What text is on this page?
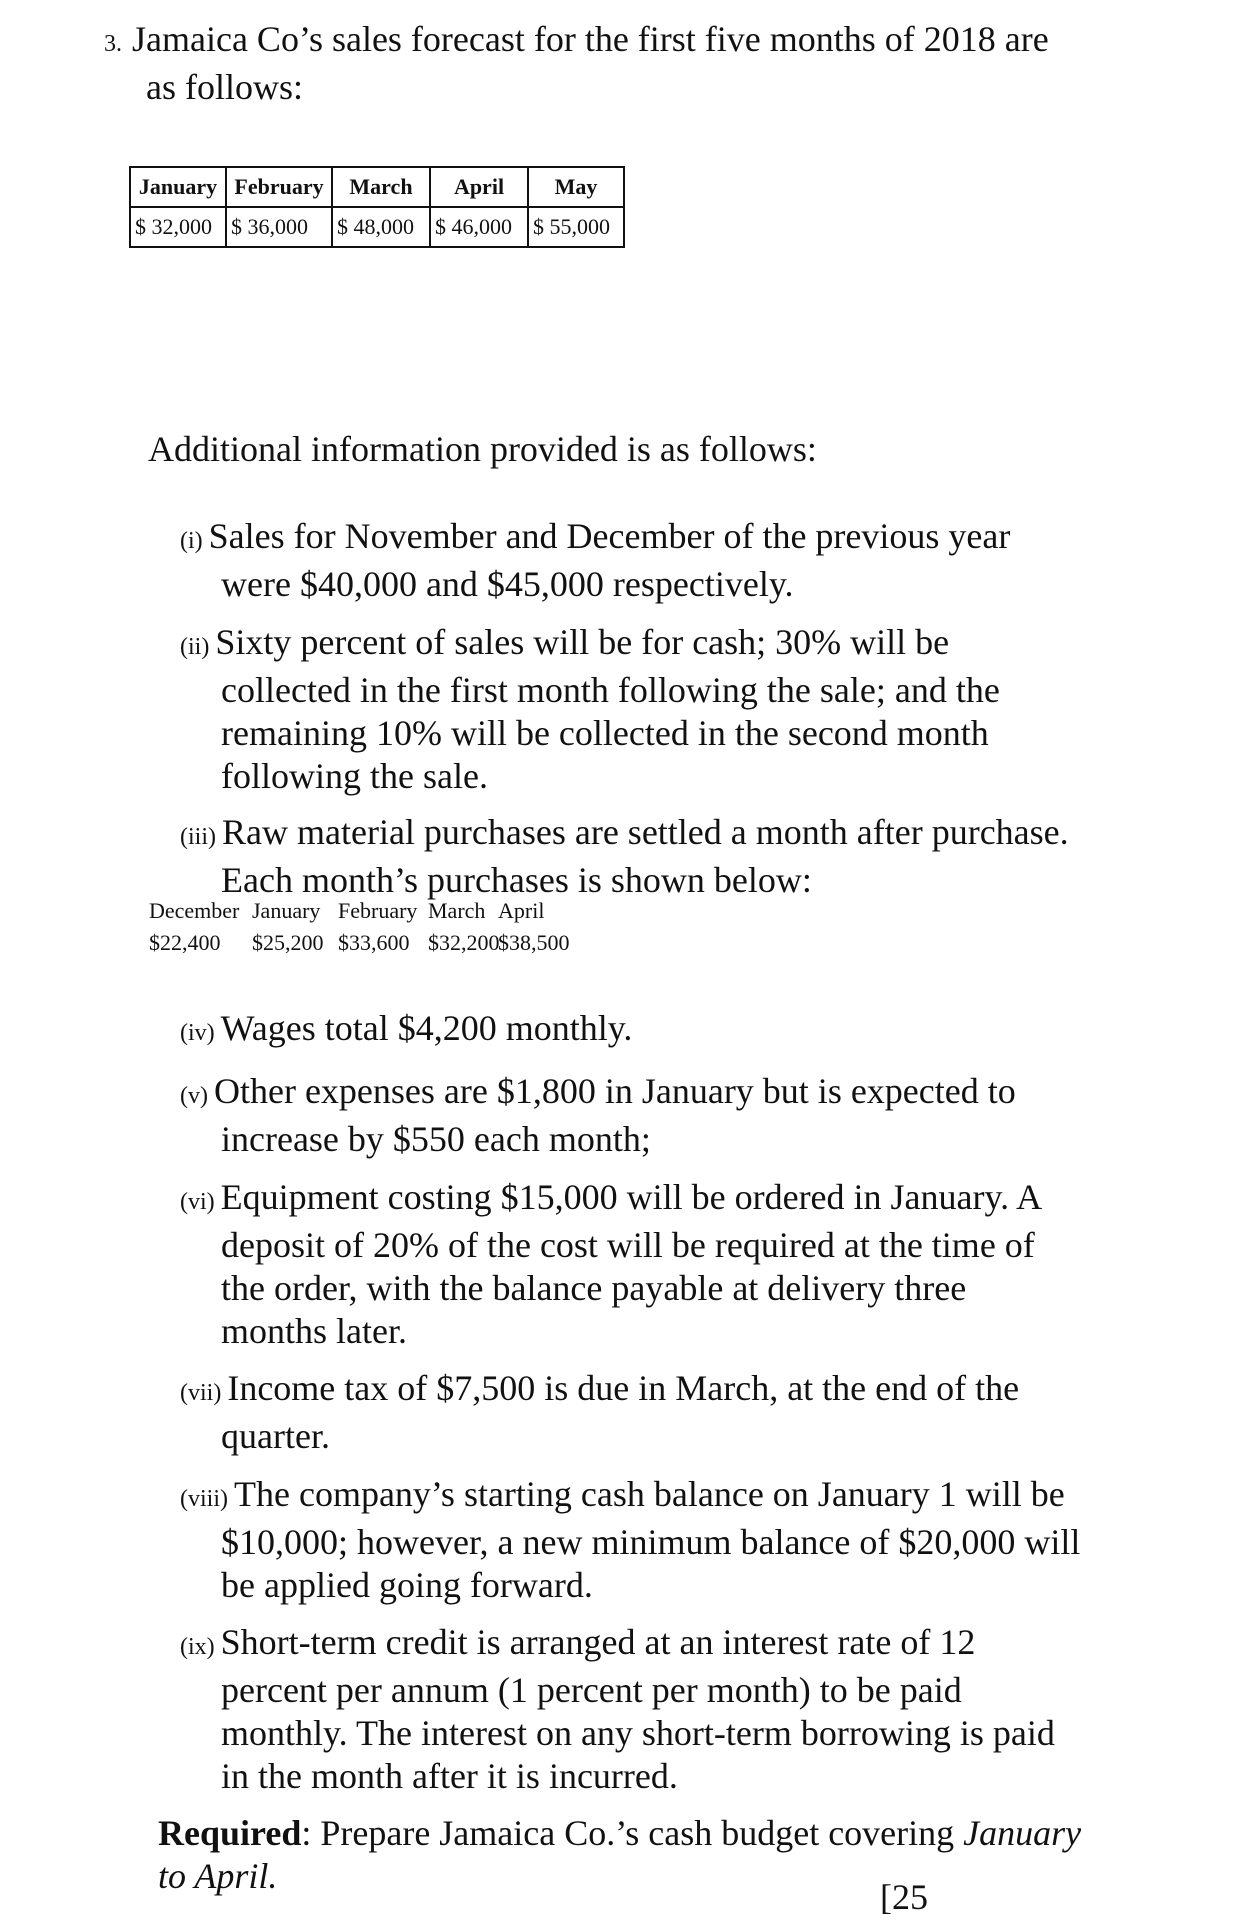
3. Jamaica Co’s sales forecast for the first five months of 2018 are
as follows:
January	February	March	April	May
$ 32,000	$ 36,000	$ 48,000	$ 46,000	$ 55,000
Additional information provided is as follows:
(i) Sales for November and December of the previous year
were $40,000 and $45,000 respectively.
(ii) Sixty percent of sales will be for cash; 30% will be
collected in the first month following the sale; and the remaining 10% will be collected in the second month following the sale.
(iii) Raw material purchases are settled a month after purchase.
Each month’s purchases is shown below:
December January February March April
$22,400 $25,200 $33,600 $32,200$38,500
(iv) Wages total $4,200 monthly.
(v) Other expenses are $1,800 in January but is expected to
increase by $550 each month;
(vi) Equipment costing $15,000 will be ordered in January. A
deposit of 20% of the cost will be required at the time of the order, with the balance payable at delivery three months later.
(vii) Income tax of $7,500 is due in March, at the end of the
quarter.
(viii) The company’s starting cash balance on January 1 will be
$10,000; however, a new minimum balance of $20,000 will be applied going forward.
(ix) Short-term credit is arranged at an interest rate of 12
percent per annum (1 percent per month) to be paid monthly. The interest on any short-term borrowing is paid in the month after it is incurred.
Required: Prepare Jamaica Co.’s cash budget covering January to April.
[25
